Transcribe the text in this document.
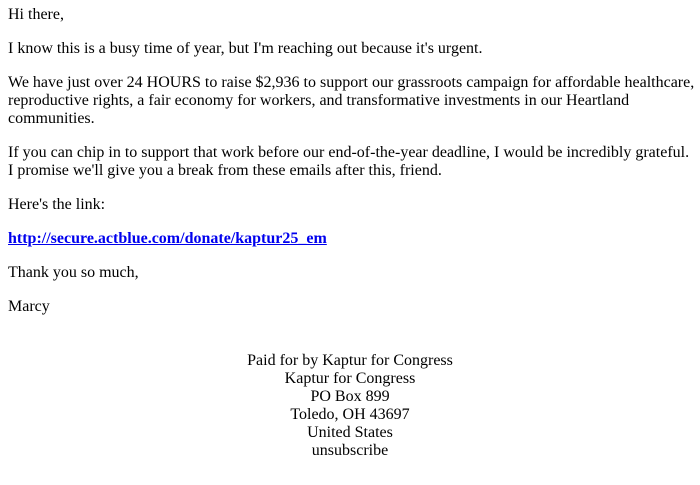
Hi there,

I know this is a busy time of year, but I'm reaching out because it's urgent.

We have just over 24 HOURS to raise $2,936 to support our grassroots campaign for affordable healthcare, reproductive rights, a fair economy for workers, and transformative investments in our Heartland communities.

If you can chip in to support that work before our end-of-the-year deadline, I would be incredibly grateful. I promise we'll give you a break from these emails after this, friend.

Here's the link:

http://secure.actblue.com/donate/kaptur25_em

Thank you so much,

Marcy

Paid for by Kaptur for Congress
Kaptur for Congress
PO Box 899
Toledo, OH 43697
United States
unsubscribe
